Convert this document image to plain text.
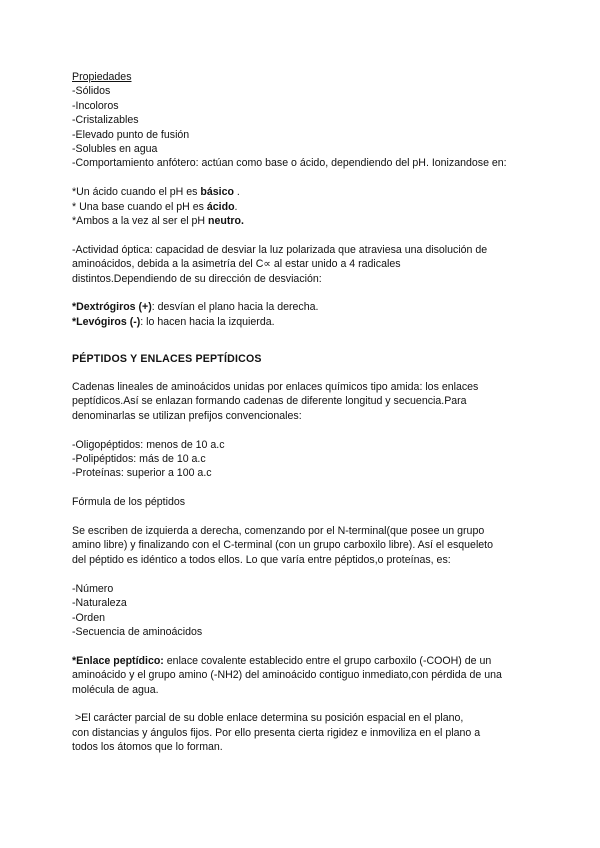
Propiedades
-Sólidos
-Incoloros
-Cristalizables
-Elevado punto de fusión
-Solubles en agua
-Comportamiento anfótero: actúan como base o ácido, dependiendo del pH. Ionizandose en:
*Un ácido cuando el pH es básico .
* Una base cuando el pH es ácido.
*Ambos a la vez al ser el pH neutro.
-Actividad óptica: capacidad de desviar la luz polarizada que atraviesa una disolución de
aminoácidos, debida a la asimetría del C∝ al estar unido a 4 radicales
distintos.Dependiendo de su dirección de desviación:
*Dextrógiros (+): desvían el plano hacia la derecha.
*Levógiros (-): lo hacen hacia la izquierda.
PÉPTIDOS Y ENLACES PEPTÍDICOS
Cadenas lineales de aminoácidos unidas por enlaces químicos tipo amida: los enlaces
peptídicos.Así se enlazan formando cadenas de diferente longitud y secuencia.Para
denominarlas se utilizan prefijos convencionales:
-Oligopéptidos: menos de 10 a.c
-Polipéptidos: más de 10 a.c
-Proteínas: superior a 100 a.c
Fórmula de los péptidos
Se escriben de izquierda a derecha, comenzando por el N-terminal(que posee un grupo
amino libre) y finalizando con el C-terminal (con un grupo carboxilo libre). Así el esqueleto
del péptido es idéntico a todos ellos. Lo que varía entre péptidos,o proteínas, es:
-Número
-Naturaleza
-Orden
-Secuencia de aminoácidos
*Enlace peptídico: enlace covalente establecido entre el grupo carboxilo (-COOH) de un
aminoácido y el grupo amino (-NH2) del aminoácido contiguo inmediato,con pérdida de una
molécula de agua.
>El carácter parcial de su doble enlace determina su posición espacial en el plano,
con distancias y ángulos fijos. Por ello presenta cierta rigidez e inmoviliza en el plano a
todos los átomos que lo forman.
